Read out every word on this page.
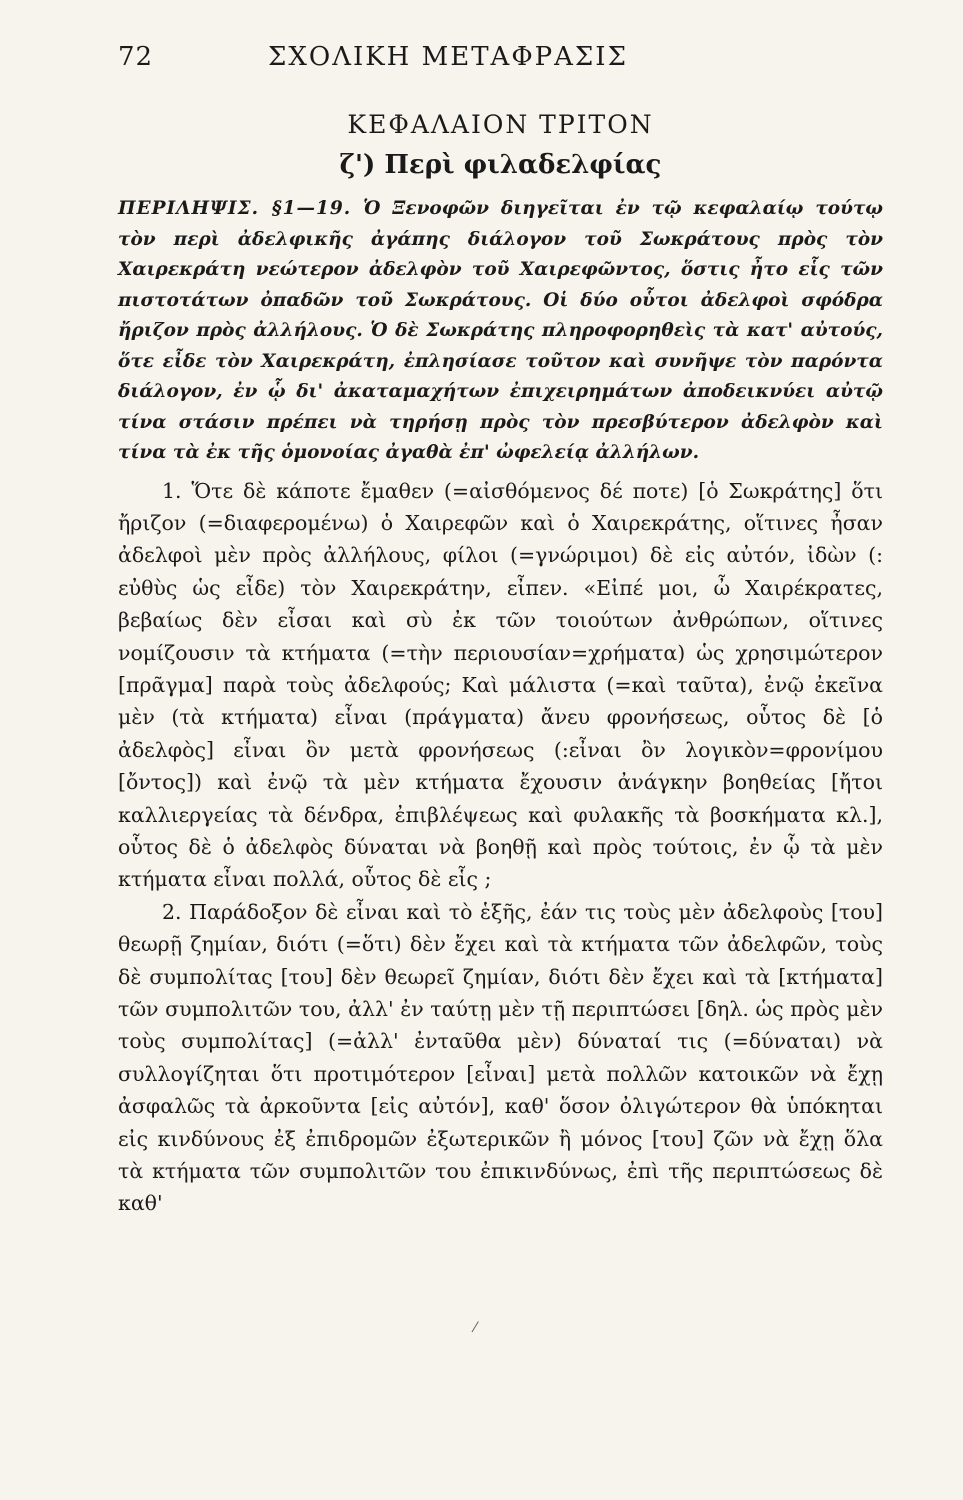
72	ΣΧΟΛΙΚΗ ΜΕΤΑΦΡΑΣΙΣ
ΚΕΦΑΛΑΙΟΝ ΤΡΙΤΟΝ
ζ') Περὶ φιλαδελφίας
ΠΕΡΙΛΗΨΙΣ. §1—19. Ὁ Ξενοφῶν διηγεῖται ἐν τῷ κεφαλαίῳ τούτῳ τὸν περὶ ἀδελφικῆς ἀγάπης διάλογον τοῦ Σωκράτους πρὸς τὸν Χαιρεκράτη νεώτερον ἀδελφὸν τοῦ Χαιρεφῶντος, ὅστις ἦτο εἷς τῶν πιστοτάτων ὀπαδῶν τοῦ Σωκράτους. Οἱ δύο οὗτοι ἀδελφοὶ σφόδρα ἤριζον πρὸς ἀλλήλους. Ὁ δὲ Σωκράτης πληροφορηθεὶς τὰ κατ' αὐτούς, ὅτε εἶδε τὸν Χαιρεκράτη, ἐπλησίασε τοῦτον καὶ συνῆψε τὸν παρόντα διάλογον, ἐν ᾧ δι' ἀκαταμαχήτων ἐπιχειρημάτων ἀποδεικνύει αὐτῷ τίνα στάσιν πρέπει νὰ τηρήσῃ πρὸς τὸν πρεσβύτερον ἀδελφὸν καὶ τίνα τὰ ἐκ τῆς ὁμονοίας ἀγαθὰ ἐπ' ὠφελείᾳ ἀλλήλων.

1. Ὅτε δὲ κάποτε ἔμαθεν (=αἰσθόμενος δέ ποτε) [ὁ Σωκράτης] ὅτι ἤριζον (=διαφερομένω) ὁ Χαιρεφῶν καὶ ὁ Χαιρεκράτης, οἵτινες ἦσαν ἀδελφοὶ μὲν πρὸς ἀλλήλους, φίλοι (=γνώριμοι) δὲ εἰς αὐτόν, ἰδὼν (: εὐθὺς ὡς εἶδε) τὸν Χαιρεκράτην, εἶπεν. «Εἰπέ μοι, ὦ Χαιρέκρατες, βεβαίως δὲν εἶσαι καὶ σὺ ἐκ τῶν τοιούτων ἀνθρώπων, οἵτινες νομίζουσιν τὰ κτήματα (=τὴν περιουσίαν=χρήματα) ὡς χρησιμώτερον [πρᾶγμα] παρὰ τοὺς ἀδελφούς; Καὶ μάλιστα (=καὶ ταῦτα), ἐνῷ ἐκεῖνα μὲν (τὰ κτήματα) εἶναι (πράγματα) ἄνευ φρονήσεως, οὗτος δὲ [ὁ ἀδελφὸς] εἶναι ὂν μετὰ φρονήσεως (:εἶναι ὂν λογικὸν=φρονίμου [ὄντος]) καὶ ἐνῷ τὰ μὲν κτήματα ἔχουσιν ἀνάγκην βοηθείας [ἤτοι καλλιεργείας τὰ δένδρα, ἐπιβλέψεως καὶ φυλακῆς τὰ βοσκήματα κλ.], οὗτος δὲ ὁ ἀδελφὸς δύναται νὰ βοηθῇ καὶ πρὸς τούτοις, ἐν ᾧ τὰ μὲν κτήματα εἶναι πολλά, οὗτος δὲ εἷς ;

2. Παράδοξον δὲ εἶναι καὶ τὸ ἑξῆς, ἐάν τις τοὺς μὲν ἀδελφοὺς [του] θεωρῇ ζημίαν, διότι (=ὅτι) δὲν ἔχει καὶ τὰ κτήματα τῶν ἀδελφῶν, τοὺς δὲ συμπολίτας [του] δὲν θεωρεῖ ζημίαν, διότι δὲν ἔχει καὶ τὰ [κτήματα] τῶν συμπολιτῶν του, ἀλλ' ἐν ταύτῃ μὲν τῇ περιπτώσει [δηλ. ὡς πρὸς μὲν τοὺς συμπολίτας] (=ἀλλ' ἐνταῦθα μὲν) δύναταί τις (=δύναται) νὰ συλλογίζηται ὅτι προτιμότερον [εἶναι] μετὰ πολλῶν κατοικῶν νὰ ἔχῃ ἀσφαλῶς τὰ ἀρκοῦντα [εἰς αὐτόν], καθ' ὅσον ὀλιγώτερον θὰ ὑπόκηται εἰς κινδύνους ἐξ ἐπιδρομῶν ἐξωτερικῶν ἢ μόνος [του] ζῶν νὰ ἔχῃ ὅλα τὰ κτήματα τῶν συμπολιτῶν του ἐπικινδύνως, ἐπὶ τῆς περιπτώσεως δὲ καθ'

⁄
